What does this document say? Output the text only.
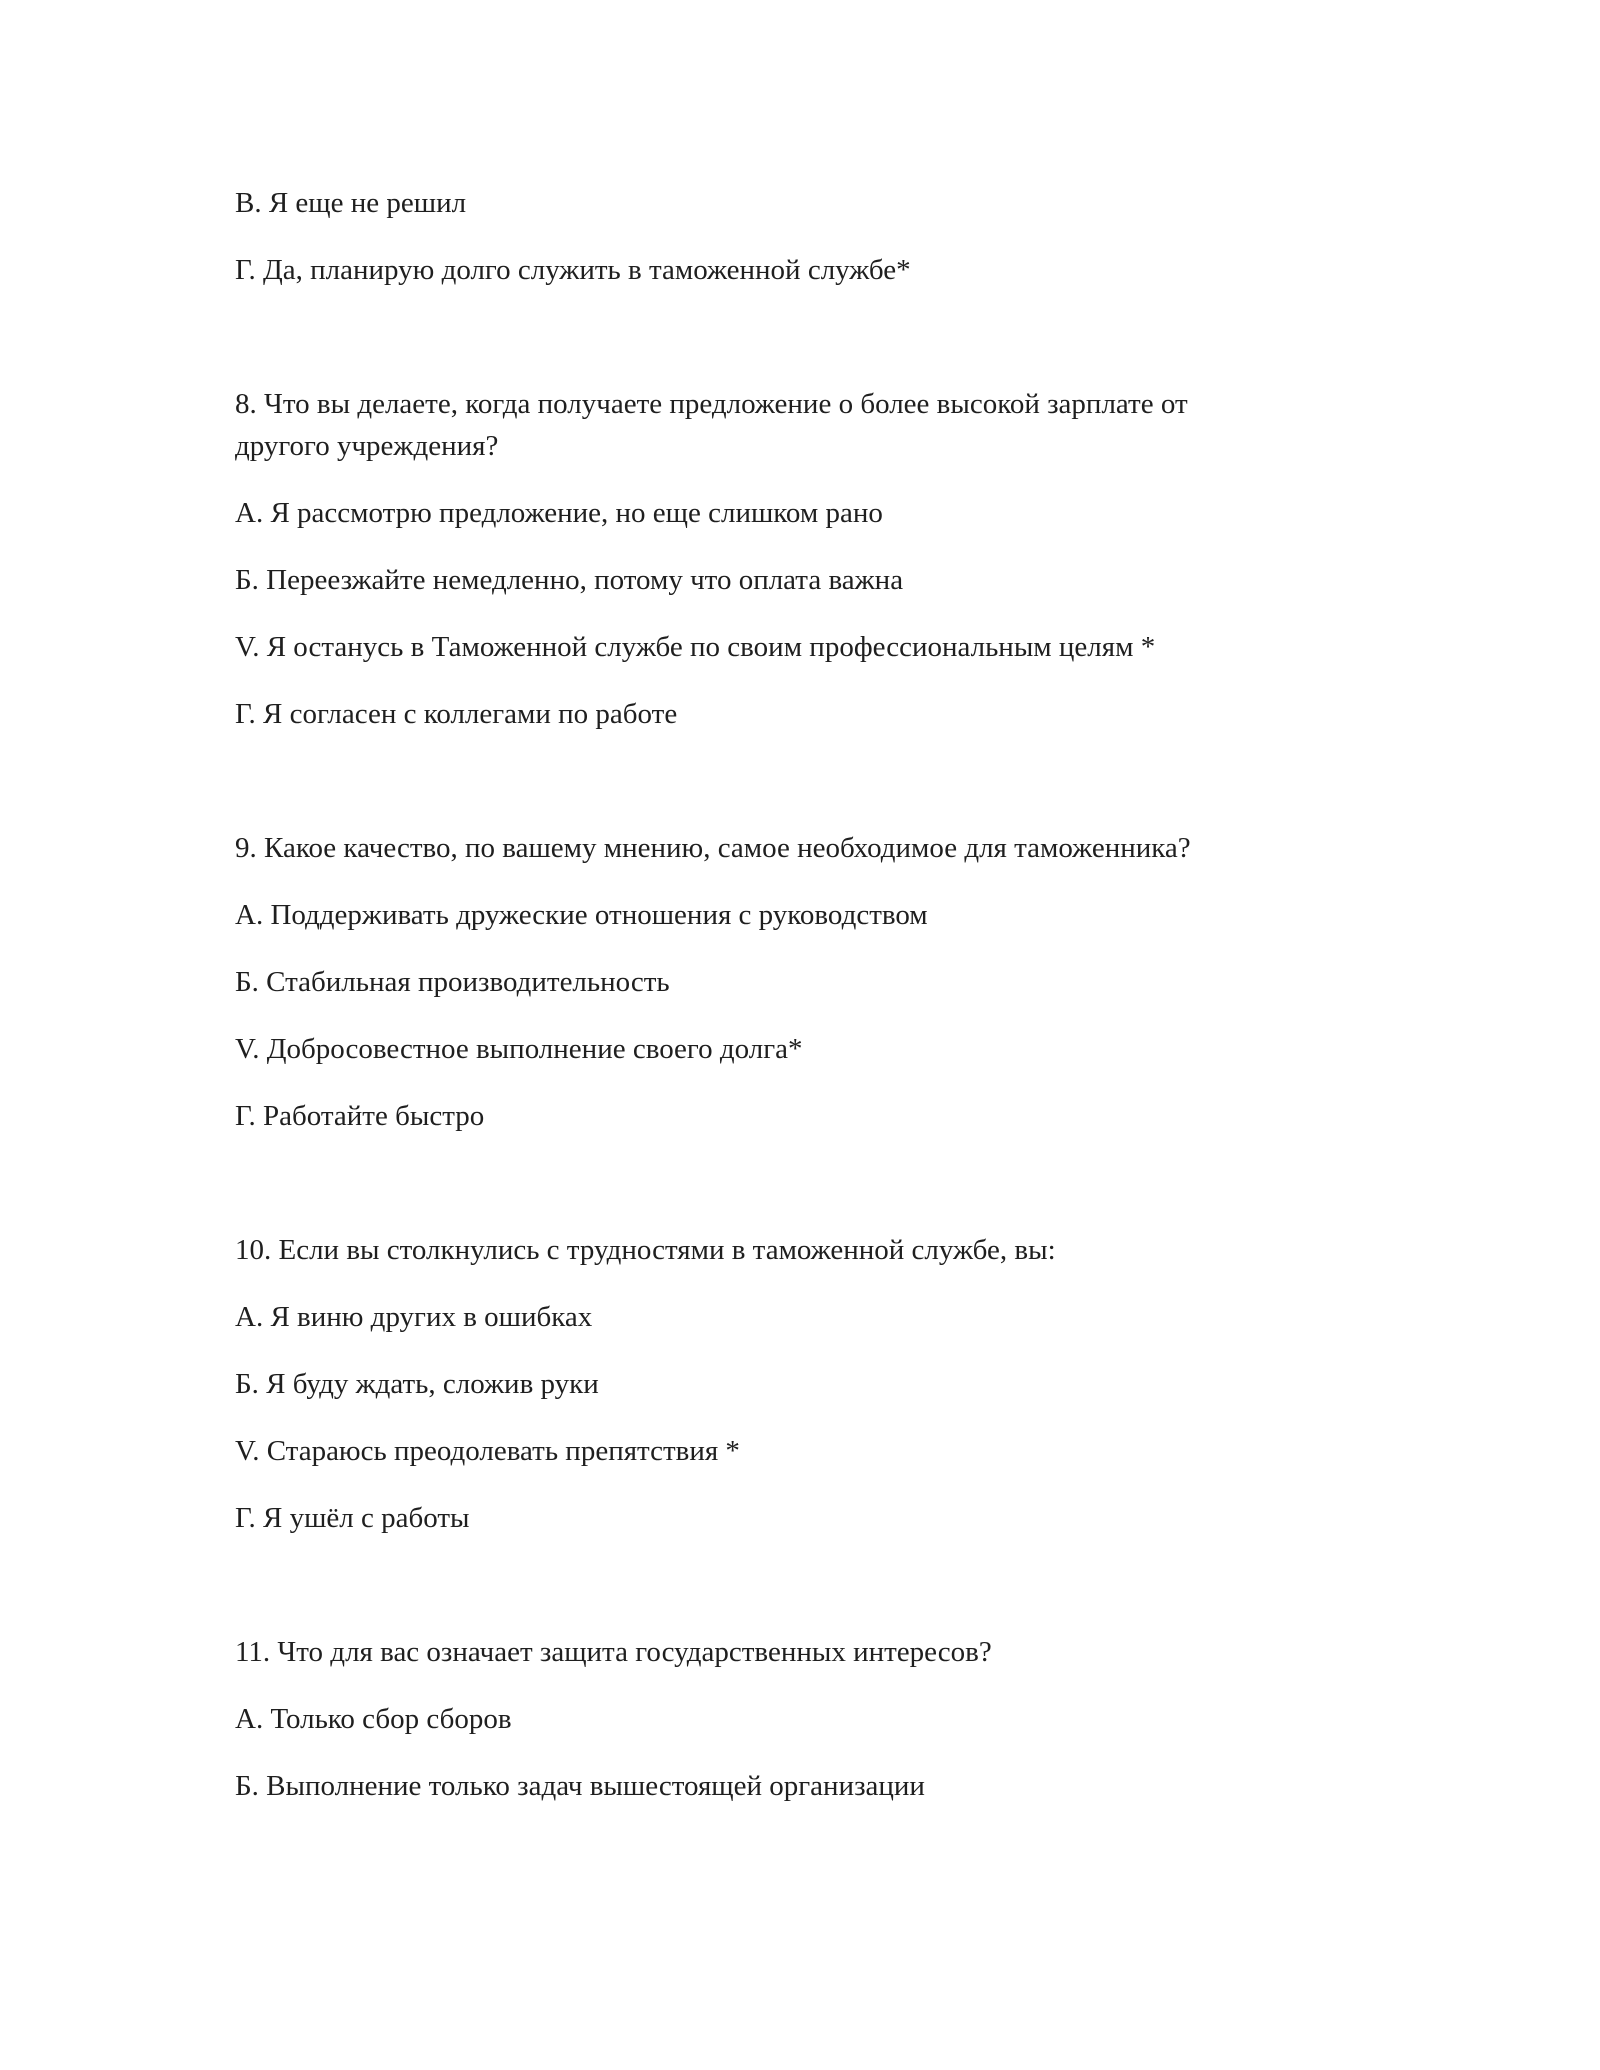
В. Я еще не решил

Г. Да, планирую долго служить в таможенной службе*

8. Что вы делаете, когда получаете предложение о более высокой зарплате от
другого учреждения?

А. Я рассмотрю предложение, но еще слишком рано

Б. Переезжайте немедленно, потому что оплата важна

V. Я останусь в Таможенной службе по своим профессиональным целям *

Г. Я согласен с коллегами по работе

9. Какое качество, по вашему мнению, самое необходимое для таможенника?

А. Поддерживать дружеские отношения с руководством

Б. Стабильная производительность

V. Добросовестное выполнение своего долга*

Г. Работайте быстро

10. Если вы столкнулись с трудностями в таможенной службе, вы:

А. Я виню других в ошибках

Б. Я буду ждать, сложив руки

V. Стараюсь преодолевать препятствия *

Г. Я ушёл с работы

11. Что для вас означает защита государственных интересов?

А. Только сбор сборов

Б. Выполнение только задач вышестоящей организации
